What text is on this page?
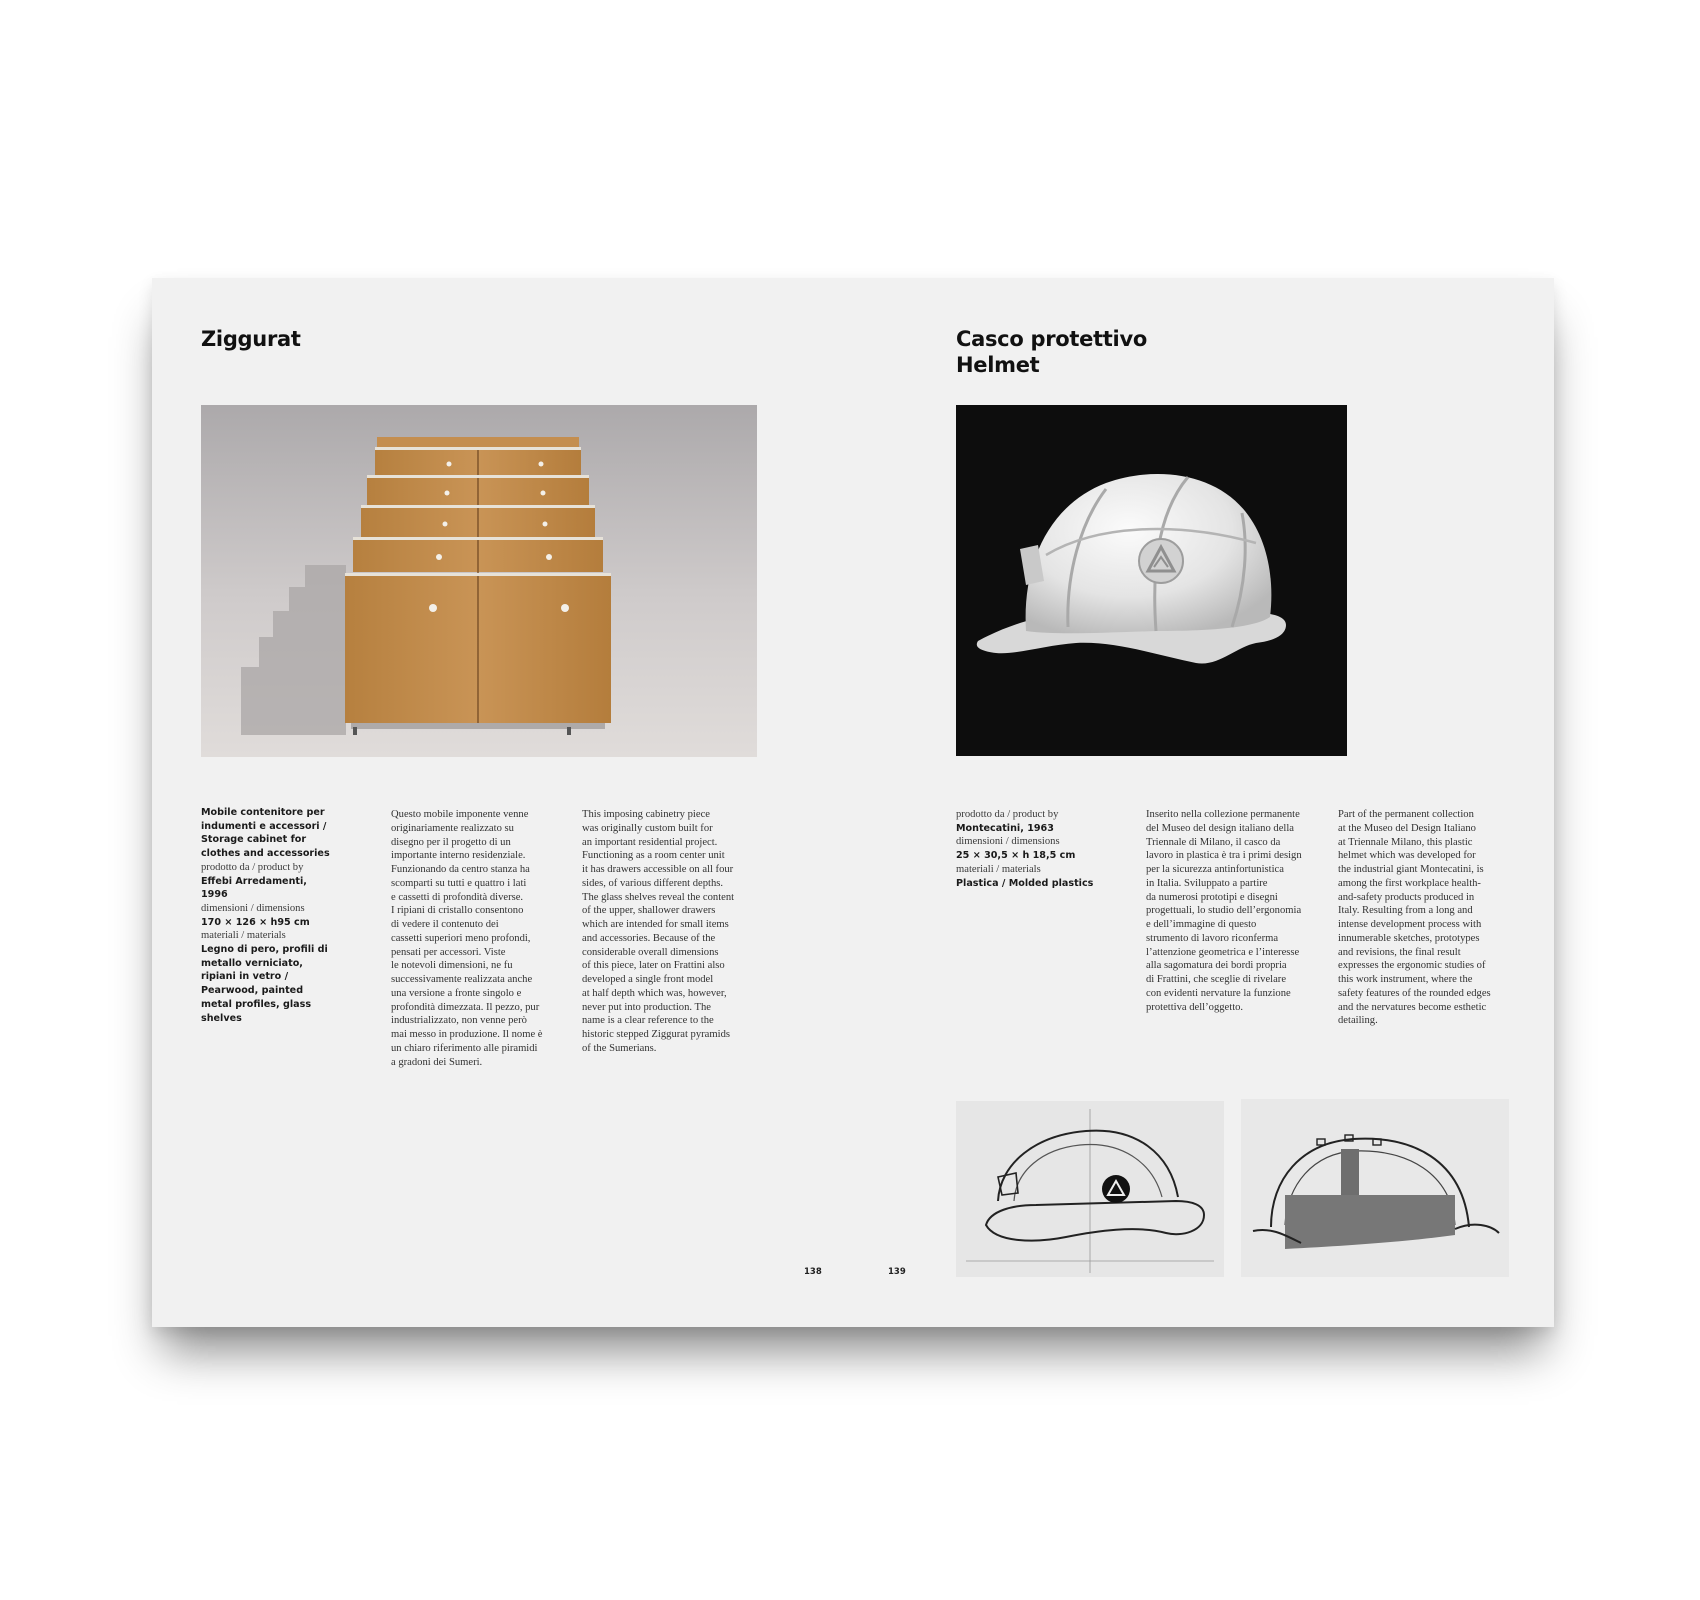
Ziggurat
Mobile contenitore per indumenti e accessori / Storage cabinet for clothes and accessories
prodotto da / product by
Effebi Arredamenti, 1996
dimensioni / dimensions
170 × 126 × h95 cm
materiali / materials
Legno di pero, profili di metallo verniciato, ripiani in vetro / Pearwood, painted metal profiles, glass shelves
Questo mobile imponente venne
originariamente realizzato su
disegno per il progetto di un
importante interno residenziale.
Funzionando da centro stanza ha
scomparti su tutti e quattro i lati
e cassetti di profondità diverse.
I ripiani di cristallo consentono
di vedere il contenuto dei
cassetti superiori meno profondi,
pensati per accessori. Viste
le notevoli dimensioni, ne fu
successivamente realizzata anche
una versione a fronte singolo e
profondità dimezzata. Il pezzo, pur
industrializzato, non venne però
mai messo in produzione. Il nome è
un chiaro riferimento alle piramidi
a gradoni dei Sumeri.
This imposing cabinetry piece
was originally custom built for
an important residential project.
Functioning as a room center unit
it has drawers accessible on all four
sides, of various different depths.
The glass shelves reveal the content
of the upper, shallower drawers
which are intended for small items
and accessories. Because of the
considerable overall dimensions
of this piece, later on Frattini also
developed a single front model
at half depth which was, however,
never put into production. The
name is a clear reference to the
historic stepped Ziggurat pyramids
of the Sumerians.
138
Casco protettivo
Helmet
prodotto da / product by
Montecatini, 1963
dimensioni / dimensions
25 × 30,5 × h 18,5 cm
materiali / materials
Plastica / Molded plastics
Inserito nella collezione permanente
del Museo del design italiano della
Triennale di Milano, il casco da
lavoro in plastica è tra i primi design
per la sicurezza antinfortunistica
in Italia. Sviluppato a partire
da numerosi prototipi e disegni
progettuali, lo studio dell’ergonomia
e dell’immagine di questo
strumento di lavoro riconferma
l’attenzione geometrica e l’interesse
alla sagomatura dei bordi propria
di Frattini, che sceglie di rivelare
con evidenti nervature la funzione
protettiva dell’oggetto.
Part of the permanent collection
at the Museo del Design Italiano
at Triennale Milano, this plastic
helmet which was developed for
the industrial giant Montecatini, is
among the first workplace health-
and-safety products produced in
Italy. Resulting from a long and
intense development process with
innumerable sketches, prototypes
and revisions, the final result
expresses the ergonomic studies of
this work instrument, where the
safety features of the rounded edges
and the nervatures become esthetic
detailing.
139
